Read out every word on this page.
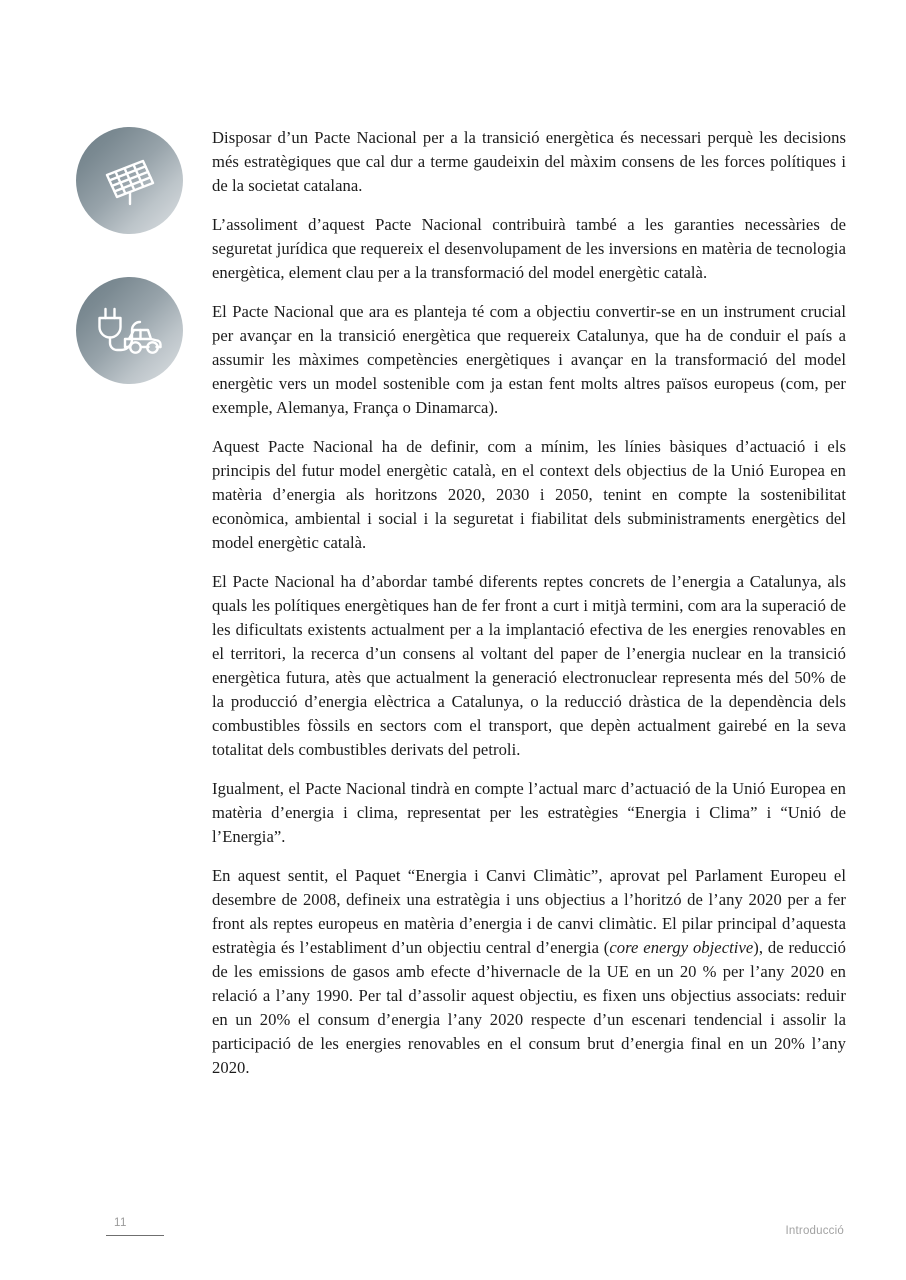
Disposar d’un Pacte Nacional per a la transició energètica és necessari perquè les decisions més estratègiques que cal dur a terme gaudeixin del màxim consens de les forces polítiques i de la societat catalana.

L’assoliment d’aquest Pacte Nacional contribuirà també a les garanties necessàries de seguretat jurídica que requereix el desenvolupament de les inversions en matèria de tecnologia energètica, element clau per a la transformació del model energètic català.

El Pacte Nacional que ara es planteja té com a objectiu convertir-se en un instrument crucial per avançar en la transició energètica que requereix Catalunya, que ha de conduir el país a assumir les màximes competències energètiques i avançar en la transformació del model energètic vers un model sostenible com ja estan fent molts altres països europeus (com, per exemple, Alemanya, França o Dinamarca).

Aquest Pacte Nacional ha de definir, com a mínim, les línies bàsiques d’actuació i els principis del futur model energètic català, en el context dels objectius de la Unió Europea en matèria d’energia als horitzons 2020, 2030 i 2050, tenint en compte la sostenibilitat econòmica, ambiental i social i la seguretat i fiabilitat dels subministraments energètics del model energètic català.

El Pacte Nacional ha d’abordar també diferents reptes concrets de l’energia a Catalunya, als quals les polítiques energètiques han de fer front a curt i mitjà termini, com ara la superació de les dificultats existents actualment per a la implantació efectiva de les energies renovables en el territori, la recerca d’un consens al voltant del paper de l’energia nuclear en la transició energètica futura, atès que actualment la generació electronuclear representa més del 50% de la producció d’energia elèctrica a Catalunya, o la reducció dràstica de la dependència dels combustibles fòssils en sectors com el transport, que depèn actualment gairebé en la seva totalitat dels combustibles derivats del petroli.

Igualment, el Pacte Nacional tindrà en compte l’actual marc d’actuació de la Unió Europea en matèria d’energia i clima, representat per les estratègies “Energia i Clima” i “Unió de l’Energia”.

En aquest sentit, el Paquet “Energia i Canvi Climàtic”, aprovat pel Parlament Europeu el desembre de 2008, defineix una estratègia i uns objectius a l’horitzó de l’any 2020 per a fer front als reptes europeus en matèria d’energia i de canvi climàtic. El pilar principal d’aquesta estratègia és l’establiment d’un objectiu central d’energia (core energy objective), de reducció de les emissions de gasos amb efecte d’hivernacle de la UE en un 20 % per l’any 2020 en relació a l’any 1990. Per tal d’assolir aquest objectiu, es fixen uns objectius associats: reduir en un 20% el consum d’energia l’any 2020 respecte d’un escenari tendencial i assolir la participació de les energies renovables en el consum brut d’energia final en un 20% l’any 2020.

11
Introducció
